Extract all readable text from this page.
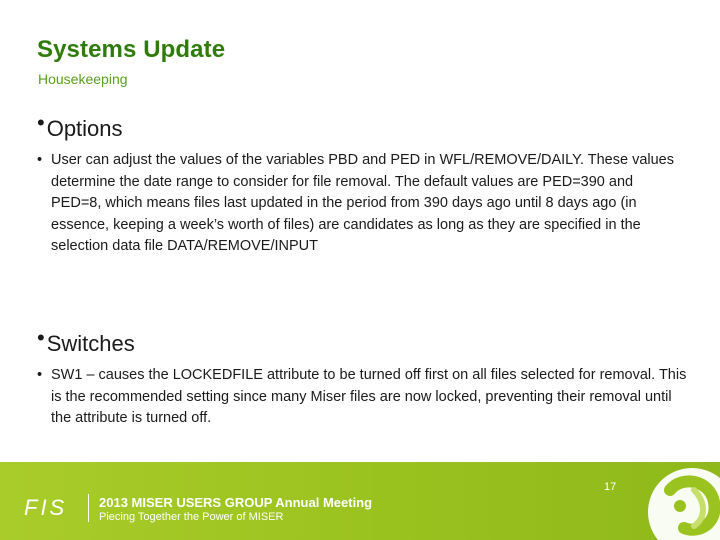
Systems Update
Housekeeping
• Options
• User can adjust the values of the variables PBD and PED in WFL/REMOVE/DAILY. These values determine the date range to consider for file removal. The default values are PED=390 and PED=8, which means files last updated in the period from 390 days ago until 8 days ago (in essence, keeping a week’s worth of files) are candidates as long as they are specified in the selection data file DATA/REMOVE/INPUT
• Switches
• SW1 – causes the LOCKEDFILE attribute to be turned off first on all files selected for removal. This is the recommended setting since many Miser files are now locked, preventing their removal until the attribute is turned off.
FIS 2013 MISER USERS GROUP Annual Meeting
Piecing Together the Power of MISER
17
